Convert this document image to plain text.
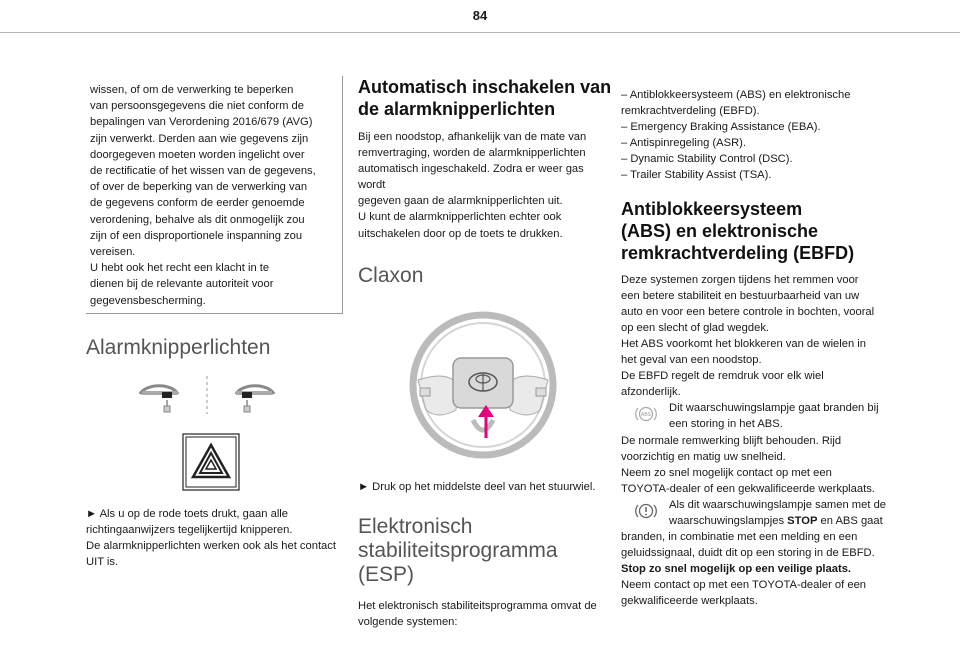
84

wissen, of om de verwerking te beperken

van persoonsgegevens die niet conform de

bepalingen van Verordening 2016/679 (AVG)

zijn verwerkt. Derden aan wie gegevens zijn

doorgegeven moeten worden ingelicht over

de rectificatie of het wissen van de gegevens,

of over de beperking van de verwerking van

de gegevens conform de eerder genoemde

verordening, behalve als dit onmogelijk zou

zijn of een disproportionele inspanning zou

vereisen.

U hebt ook het recht een klacht in te

dienen bij de relevante autoriteit voor

gegevensbescherming.

Alarmknipperlichten

► Als u op de rode toets drukt, gaan alle

richtingaanwijzers tegelijkertijd knipperen.

De alarmknipperlichten werken ook als het contact

UIT is.

Automatisch inschakelen van
de alarmknipperlichten

Bij een noodstop, afhankelijk van de mate van

remvertraging, worden de alarmknipperlichten

automatisch ingeschakeld. Zodra er weer gas wordt

gegeven gaan de alarmknipperlichten uit.

U kunt de alarmknipperlichten echter ook

uitschakelen door op de toets te drukken.

Claxon

► Druk op het middelste deel van het stuurwiel.

Elektronisch
stabiliteitsprogramma
(ESP)

Het elektronisch stabiliteitsprogramma omvat de

volgende systemen:

– Antiblokkeersysteem (ABS) en elektronische

remkrachtverdeling (EBFD).

– Emergency Braking Assistance (EBA).

– Antispinregeling (ASR).

– Dynamic Stability Control (DSC).

– Trailer Stability Assist (TSA).

Antiblokkeersysteem
(ABS) en elektronische
remkrachtverdeling (EBFD)

Deze systemen zorgen tijdens het remmen voor

een betere stabiliteit en bestuurbaarheid van uw

auto en voor een betere controle in bochten, vooral

op een slecht of glad wegdek.

Het ABS voorkomt het blokkeren van de wielen in

het geval van een noodstop.

De EBFD regelt de remdruk voor elk wiel

afzonderlijk.

ABS

Dit waarschuwingslampje gaat branden bij

een storing in het ABS.

De normale remwerking blijft behouden. Rijd

voorzichtig en matig uw snelheid.

Neem zo snel mogelijk contact op met een

TOYOTA-dealer of een gekwalificeerde werkplaats.

Als dit waarschuwingslampje samen met de

waarschuwingslampjes STOP en ABS gaat

branden, in combinatie met een melding en een

geluidssignaal, duidt dit op een storing in de EBFD.

Stop zo snel mogelijk op een veilige plaats.

Neem contact op met een TOYOTA-dealer of een

gekwalificeerde werkplaats.
